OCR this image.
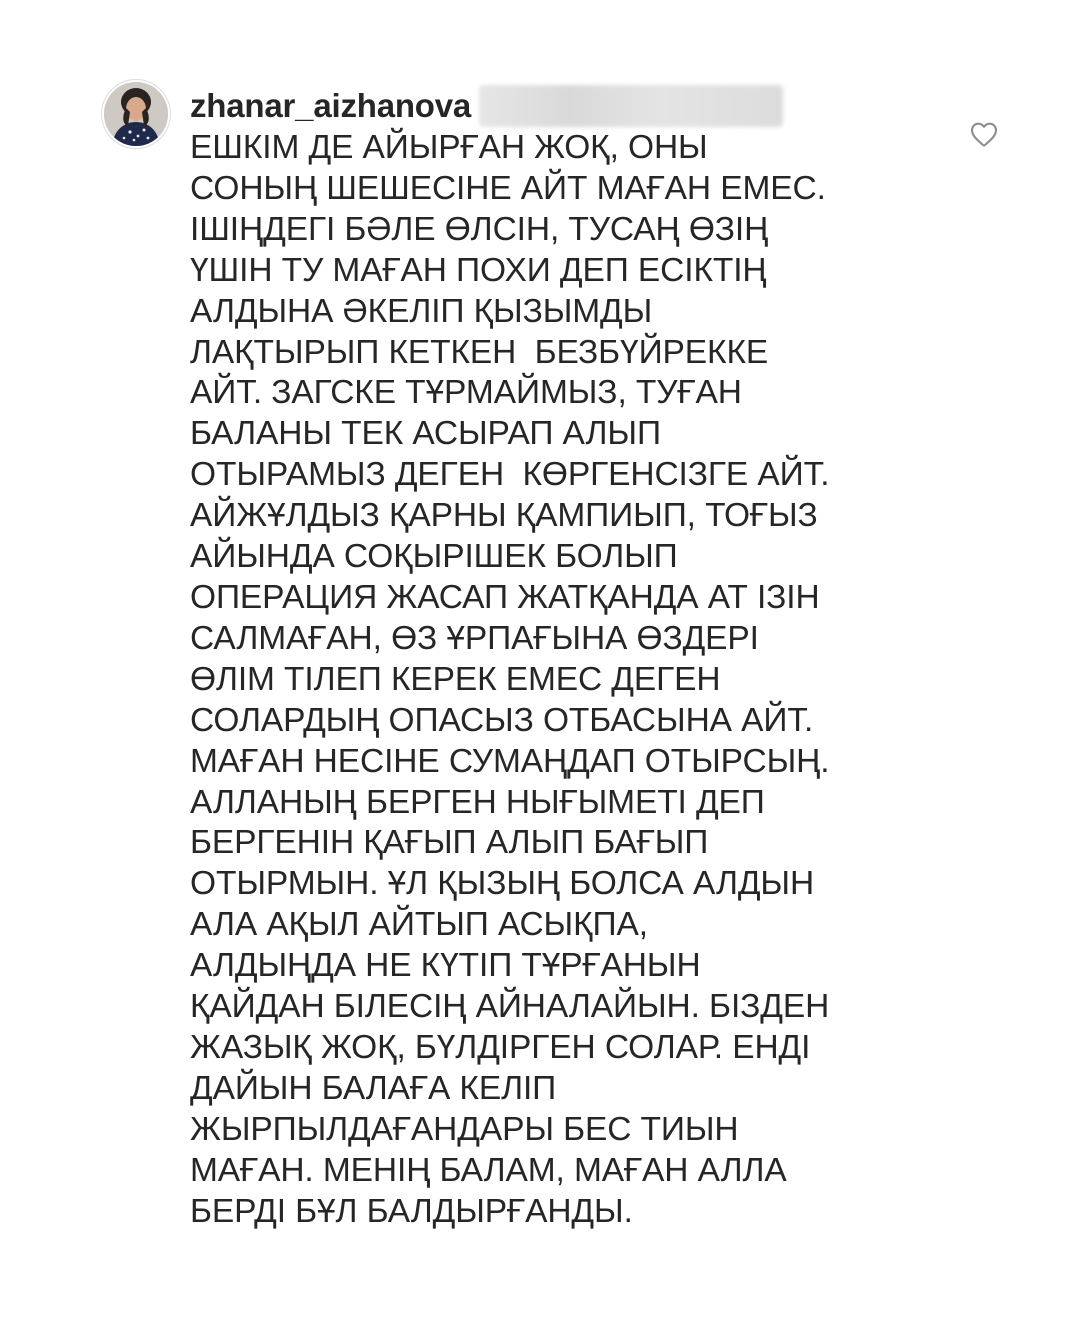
zhanar_aizhanova

ЕШКІМ ДЕ АЙЫРҒАН ЖОҚ, ОНЫ
СОНЫҢ ШЕШЕСІНЕ АЙТ МАҒАН ЕМЕС.
ІШІҢДЕГІ БӘЛЕ ӨЛСІН, ТУСАҢ ӨЗІҢ
ҮШІН ТУ МАҒАН ПОХИ ДЕП ЕСІКТІҢ
АЛДЫНА ӘКЕЛІП ҚЫЗЫМДЫ
ЛАҚТЫРЫП КЕТКЕН  БЕЗБҮЙРЕККЕ
АЙТ. ЗАГСКЕ ТҰРМАЙМЫЗ, ТУҒАН
БАЛАНЫ ТЕК АСЫРАП АЛЫП
ОТЫРАМЫЗ ДЕГЕН  КӨРГЕНСІЗГЕ АЙТ.
АЙЖҰЛДЫЗ ҚАРНЫ ҚАМПИЫП, ТОҒЫЗ
АЙЫНДА СОҚЫРІШЕК БОЛЫП
ОПЕРАЦИЯ ЖАСАП ЖАТҚАНДА АТ ІЗІН
САЛМАҒАН, ӨЗ ҰРПАҒЫНА ӨЗДЕРІ
ӨЛІМ ТІЛЕП КЕРЕК ЕМЕС ДЕГЕН
СОЛАРДЫҢ ОПАСЫЗ ОТБАСЫНА АЙТ.
МАҒАН НЕСІНЕ СУМАҢДАП ОТЫРСЫҢ.
АЛЛАНЫҢ БЕРГЕН НЫҒЫМЕТІ ДЕП
БЕРГЕНІН ҚАҒЫП АЛЫП БАҒЫП
ОТЫРМЫН. ҰЛ ҚЫЗЫҢ БОЛСА АЛДЫН
АЛА АҚЫЛ АЙТЫП АСЫҚПА,
АЛДЫҢДА НЕ КҮТІП ТҰРҒАНЫН
ҚАЙДАН БІЛЕСІҢ АЙНАЛАЙЫН. БІЗДЕН
ЖАЗЫҚ ЖОҚ, БҮЛДІРГЕН СОЛАР. ЕНДІ
ДАЙЫН БАЛАҒА КЕЛІП
ЖЫРПЫЛДАҒАНДАРЫ БЕС ТИЫН
МАҒАН. МЕНІҢ БАЛАМ, МАҒАН АЛЛА
БЕРДІ БҰЛ БАЛДЫРҒАНДЫ.
